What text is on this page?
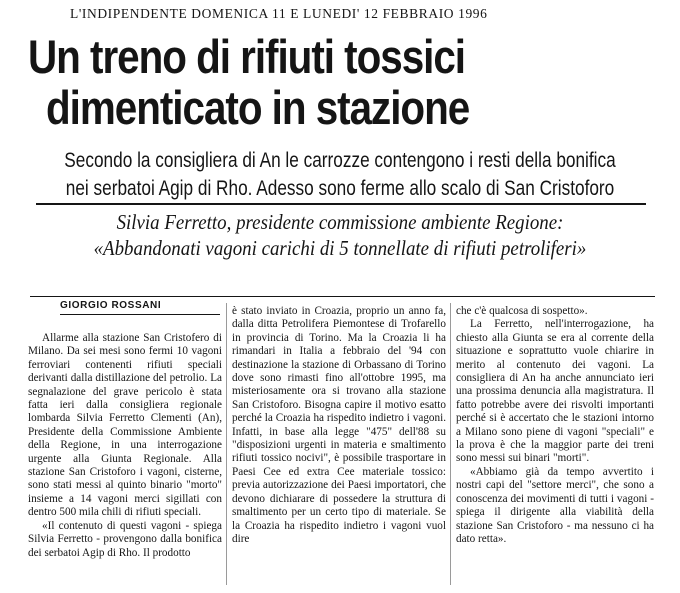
L'INDIPENDENTE DOMENICA 11 E LUNEDI' 12 FEBBRAIO 1996
Un treno di rifiuti tossici
dimenticato in stazione
Secondo la consigliera di An le carrozze contengono i resti della bonifica
nei serbatoi Agip di Rho. Adesso sono ferme allo scalo di San Cristoforo
Silvia Ferretto, presidente commissione ambiente Regione:
«Abbandonati vagoni carichi di 5 tonnellate di rifiuti petroliferi»
GIORGIO ROSSANI

Allarme alla stazione San Cristofero di Milano. Da sei mesi sono fermi 10 vagoni ferroviari contenenti rifiuti speciali derivanti dalla distillazione del petrolio. La segnalazione del grave pericolo è stata fatta ieri dalla consigliera regionale lombarda Silvia Ferretto Clementi (An), Presidente della Commissione Ambiente della Regione, in una interrogazione urgente alla Giunta Regionale. Alla stazione San Cristoforo i vagoni, cisterne, sono stati messi al quinto binario "morto" insieme a 14 vagoni merci sigillati con dentro 500 mila chili di rifiuti speciali.

«Il contenuto di questi vagoni - spiega Silvia Ferretto - provengono dalla bonifica dei serbatoi Agip di Rho. Il prodotto

è stato inviato in Croazia, proprio un anno fa, dalla ditta Petrolifera Piemontese di Trofarello in provincia di Torino. Ma la Croazia li ha rimandari in Italia a febbraio del '94 con destinazione la stazione di Orbassano di Torino dove sono rimasti fino all'ottobre 1995, ma misteriosamente ora si trovano alla stazione San Cristoforo. Bisogna capire il motivo esatto perché la Croazia ha rispedito indietro i vagoni. Infatti, in base alla legge "475" dell'88 su "disposizioni urgenti in materia e smaltimento rifiuti tossico nocivi", è possibile trasportare in Paesi Cee ed extra Cee materiale tossico: previa autorizzazione dei Paesi importatori, che devono dichiarare di possedere la struttura di smaltimento per un certo tipo di materiale. Se la Croazia ha rispedito indietro i vagoni vuol dire

che c'è qualcosa di sospetto».

La Ferretto, nell'interrogazione, ha chiesto alla Giunta se era al corrente della situazione e soprattutto vuole chiarire in merito al contenuto dei vagoni. La consigliera di An ha anche annunciato ieri una prossima denuncia alla magistratura. Il fatto potrebbe avere dei risvolti importanti perché si è accertato che le stazioni intorno a Milano sono piene di vagoni "speciali" e la prova è che la maggior parte dei treni sono messi sui binari "morti".

«Abbiamo già da tempo avvertito i nostri capi del "settore merci", che sono a conoscenza dei movimenti di tutti i vagoni - spiega il dirigente alla viabilità della stazione San Cristoforo - ma nessuno ci ha dato retta».
